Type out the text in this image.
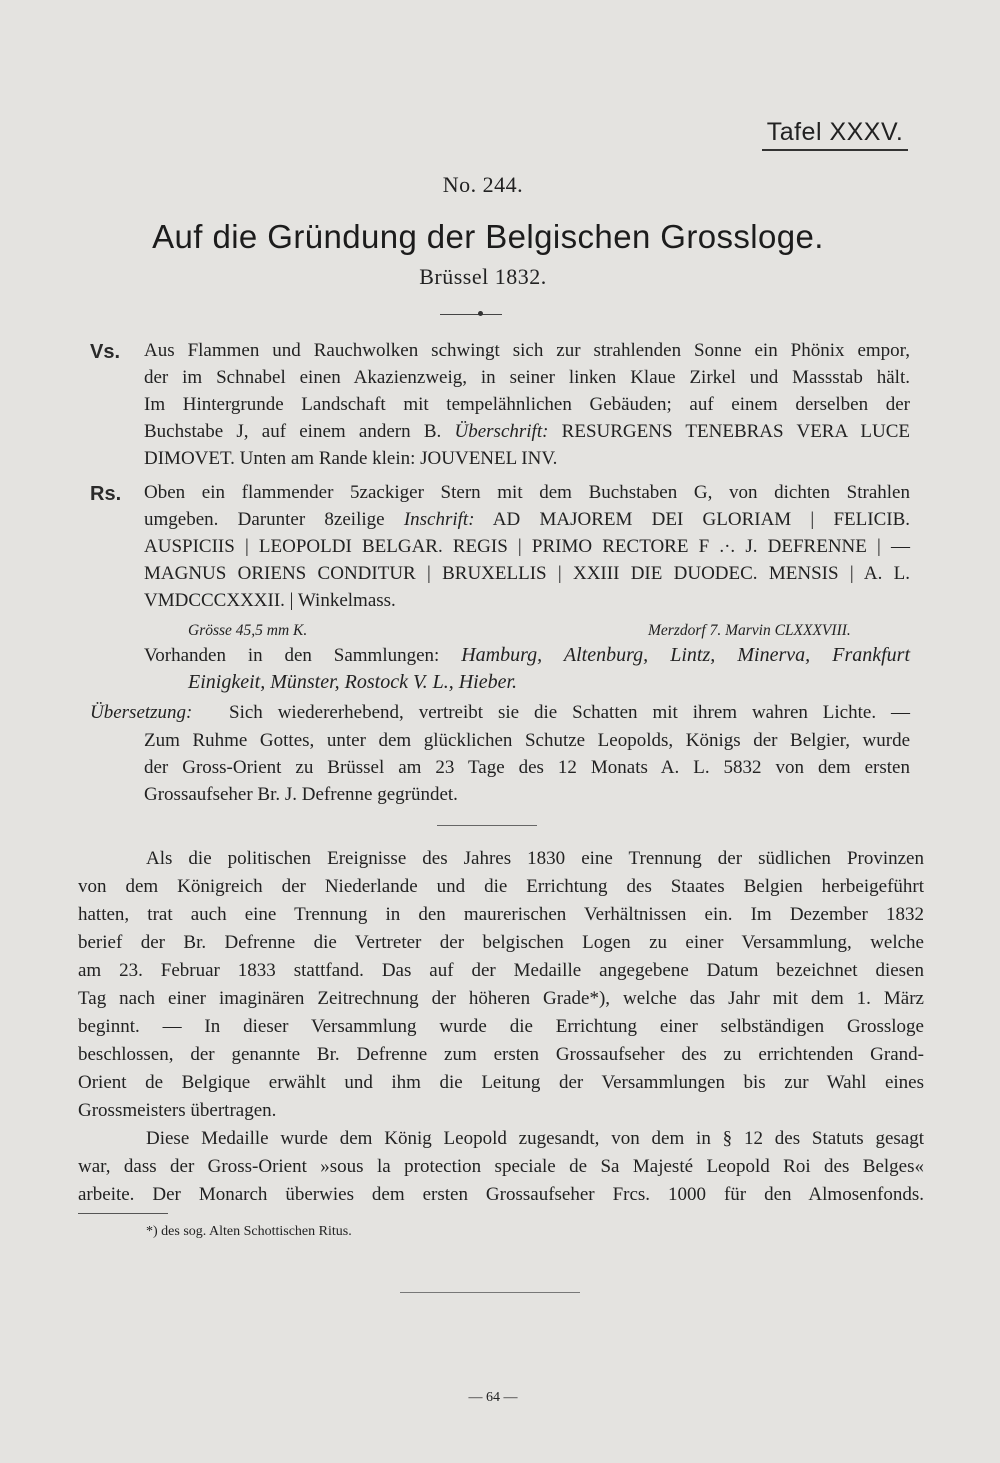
Tafel XXXV.
No. 244.
Auf die Gründung der Belgischen Grossloge.
Brüssel 1832.
Vs. Aus Flammen und Rauchwolken schwingt sich zur strahlenden Sonne ein Phönix empor,
der im Schnabel einen Akazienzweig, in seiner linken Klaue Zirkel und Massstab hält.
Im Hintergrunde Landschaft mit tempelähnlichen Gebäuden; auf einem derselben der
Buchstabe J, auf einem andern B. Überschrift: RESURGENS TENEBRAS VERA LUCE
DIMOVET. Unten am Rande klein: JOUVENEL INV.
Rs. Oben ein flammender 5zackiger Stern mit dem Buchstaben G, von dichten Strahlen
umgeben. Darunter 8zeilige Inschrift: AD MAJOREM DEI GLORIAM | FELICIB.
AUSPICIIS | LEOPOLDI BELGAR. REGIS | PRIMO RECTORE F .·. J. DEFRENNE | —
MAGNUS ORIENS CONDITUR | BRUXELLIS | XXIII DIE DUODEC. MENSIS | A. L.
VMDCCCXXXII. | Winkelmass.
Grösse 45,5 mm K.	Merzdorf 7. Marvin CLXXXVIII.
Vorhanden in den Sammlungen: Hamburg, Altenburg, Lintz, Minerva, Frankfurt
Einigkeit, Münster, Rostock V. L., Hieber.
Übersetzung: Sich wiedererhebend, vertreibt sie die Schatten mit ihrem wahren Lichte. —
Zum Ruhme Gottes, unter dem glücklichen Schutze Leopolds, Königs der Belgier, wurde
der Gross-Orient zu Brüssel am 23 Tage des 12 Monats A. L. 5832 von dem ersten
Grossaufseher Br. J. Defrenne gegründet.
Als die politischen Ereignisse des Jahres 1830 eine Trennung der südlichen Provinzen
von dem Königreich der Niederlande und die Errichtung des Staates Belgien herbeigeführt
hatten, trat auch eine Trennung in den maurerischen Verhältnissen ein. Im Dezember 1832
berief der Br. Defrenne die Vertreter der belgischen Logen zu einer Versammlung, welche
am 23. Februar 1833 stattfand. Das auf der Medaille angegebene Datum bezeichnet diesen
Tag nach einer imaginären Zeitrechnung der höheren Grade*), welche das Jahr mit dem 1. März
beginnt. — In dieser Versammlung wurde die Errichtung einer selbständigen Grossloge
beschlossen, der genannte Br. Defrenne zum ersten Grossaufseher des zu errichtenden Grand-
Orient de Belgique erwählt und ihm die Leitung der Versammlungen bis zur Wahl eines
Grossmeisters übertragen.
Diese Medaille wurde dem König Leopold zugesandt, von dem in § 12 des Statuts gesagt
war, dass der Gross-Orient »sous la protection speciale de Sa Majesté Leopold Roi des Belges«
arbeite. Der Monarch überwies dem ersten Grossaufseher Frcs. 1000 für den Almosenfonds.
*) des sog. Alten Schottischen Ritus.
— 64 —
